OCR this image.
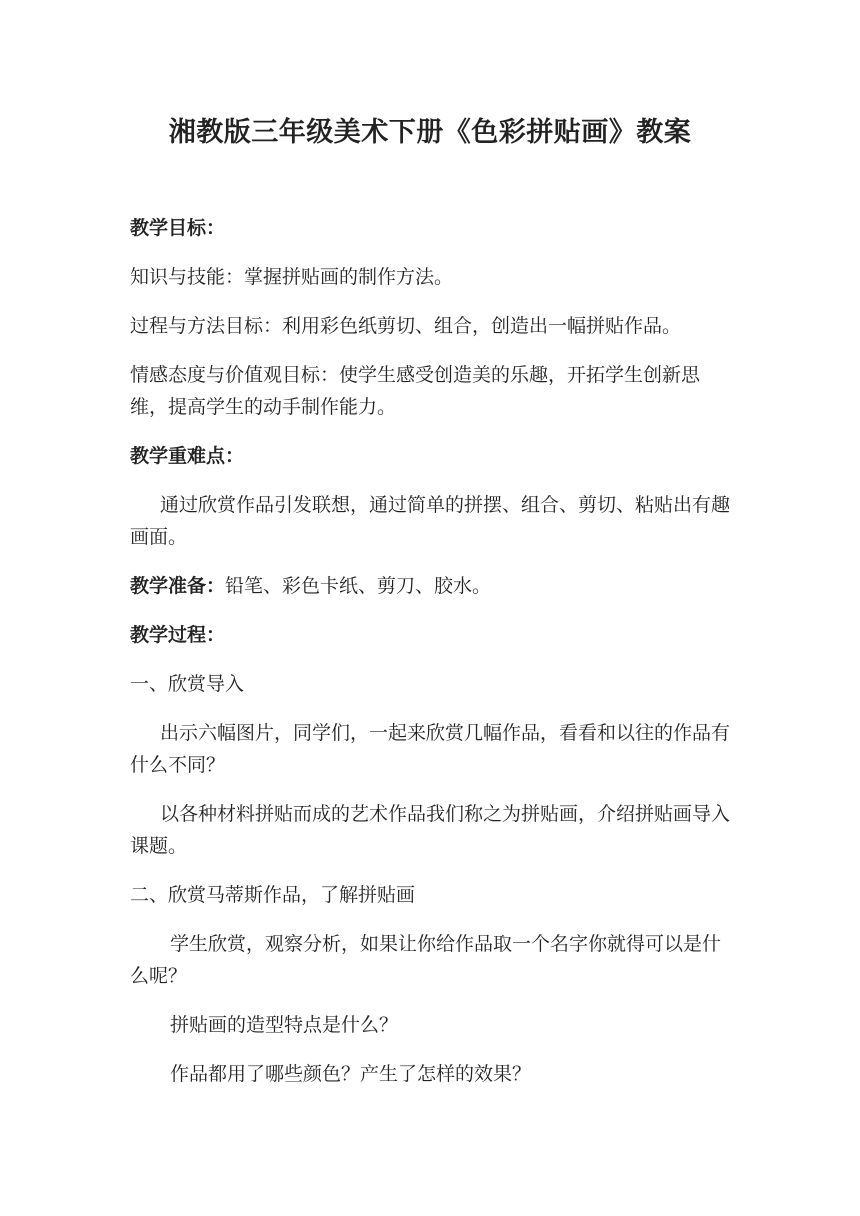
湘教版三年级美术下册《色彩拼贴画》教案

教学目标：

知识与技能：掌握拼贴画的制作方法。

过程与方法目标：利用彩色纸剪切、组合，创造出一幅拼贴作品。

情感态度与价值观目标：使学生感受创造美的乐趣，开拓学生创新思维，提高学生的动手制作能力。

教学重难点：

通过欣赏作品引发联想，通过简单的拼摆、组合、剪切、粘贴出有趣画面。

教学准备：铅笔、彩色卡纸、剪刀、胶水。

教学过程：

一、欣赏导入

出示六幅图片，同学们，一起来欣赏几幅作品，看看和以往的作品有什么不同？

以各种材料拼贴而成的艺术作品我们称之为拼贴画，介绍拼贴画导入课题。

二、欣赏马蒂斯作品，了解拼贴画

学生欣赏，观察分析，如果让你给作品取一个名字你就得可以是什么呢？

拼贴画的造型特点是什么？

作品都用了哪些颜色？产生了怎样的效果？
